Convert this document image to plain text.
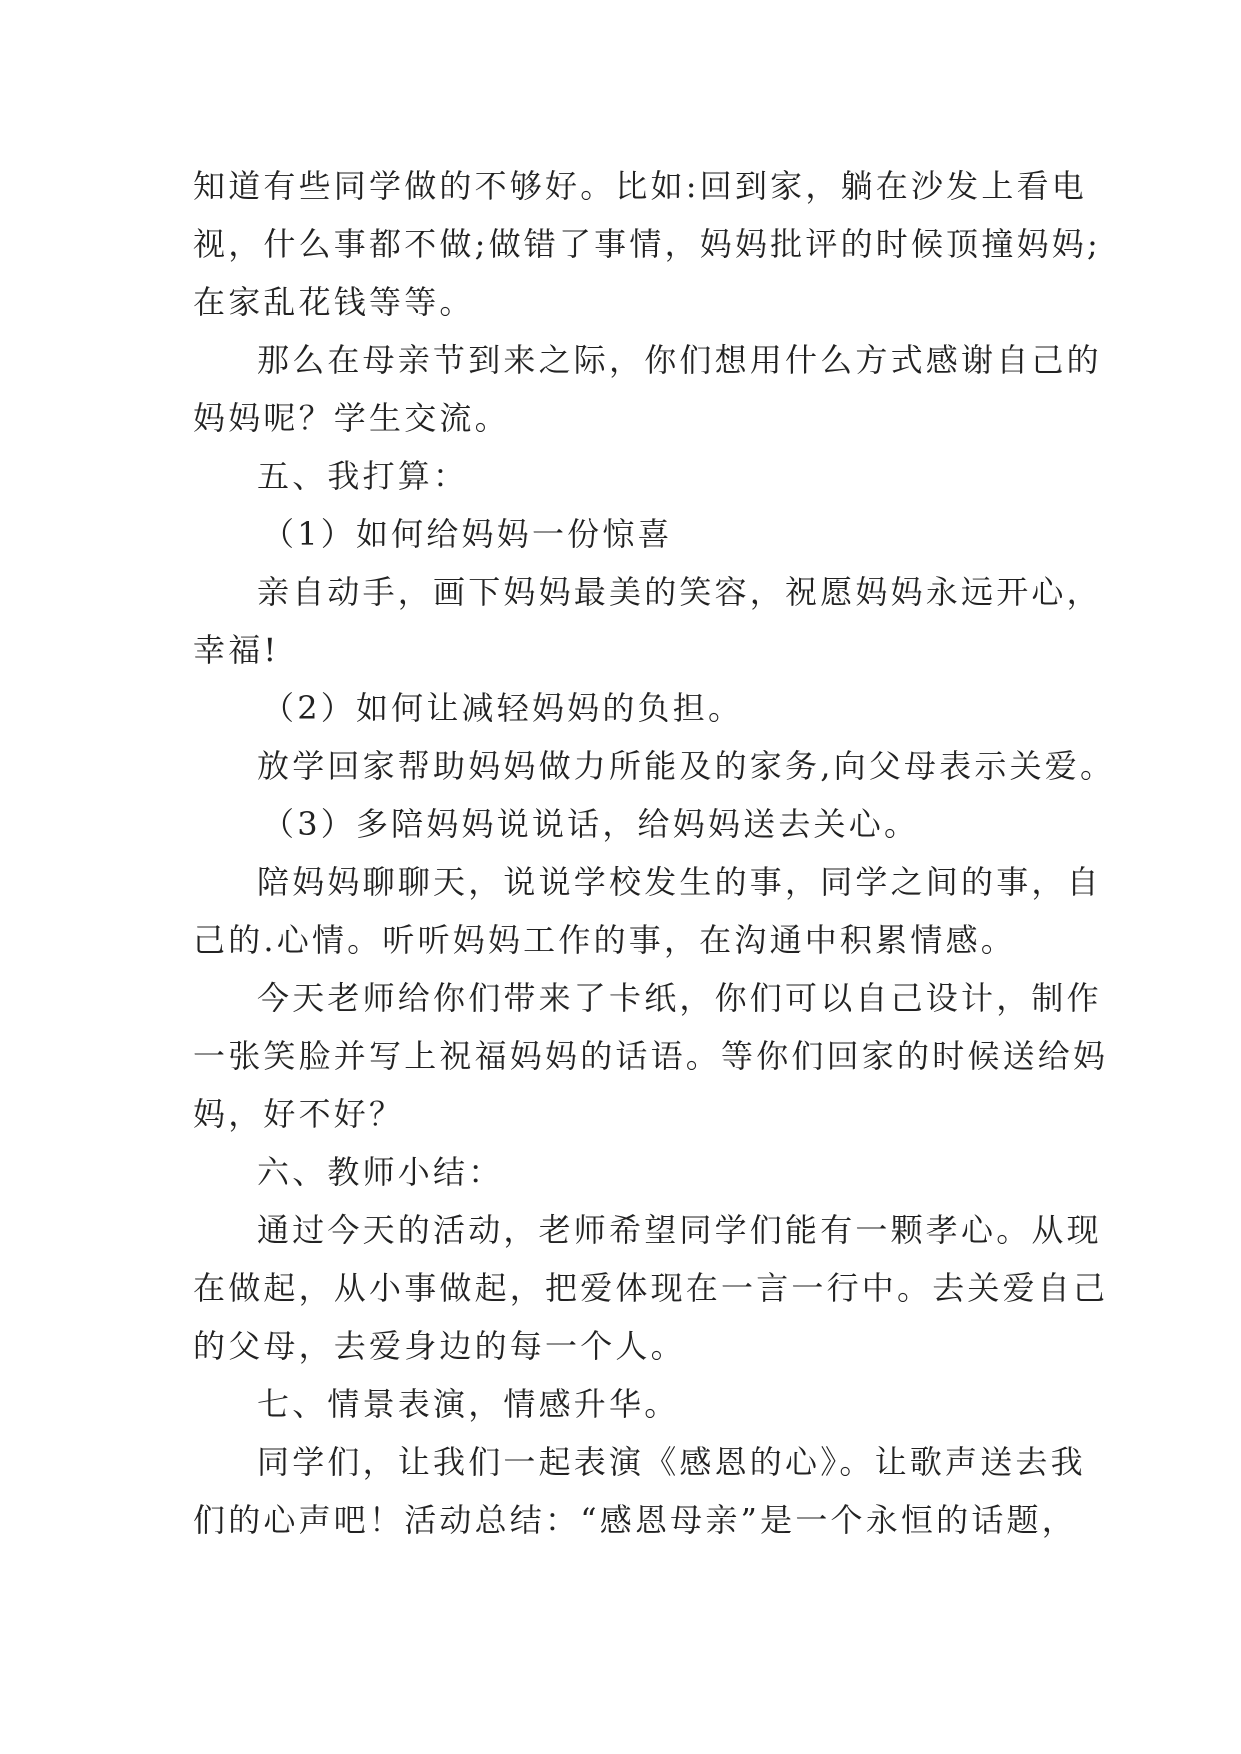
知道有些同学做的不够好。比如:回到家，躺在沙发上看电
视，什么事都不做;做错了事情，妈妈批评的时候顶撞妈妈;
在家乱花钱等等。
那么在母亲节到来之际，你们想用什么方式感谢自己的
妈妈呢？学生交流。
五、我打算：
（1）如何给妈妈一份惊喜
亲自动手，画下妈妈最美的笑容，祝愿妈妈永远开心，
幸福!
（2）如何让减轻妈妈的负担。
放学回家帮助妈妈做力所能及的家务,向父母表示关爱。
（3）多陪妈妈说说话，给妈妈送去关心。
陪妈妈聊聊天，说说学校发生的事，同学之间的事，自
己的.心情。听听妈妈工作的事，在沟通中积累情感。
今天老师给你们带来了卡纸，你们可以自己设计，制作
一张笑脸并写上祝福妈妈的话语。等你们回家的时候送给妈
妈，好不好？
六、教师小结：
通过今天的活动，老师希望同学们能有一颗孝心。从现
在做起，从小事做起，把爱体现在一言一行中。去关爱自己
的父母，去爱身边的每一个人。
七、情景表演，情感升华。
同学们，让我们一起表演《感恩的心》。让歌声送去我
们的心声吧！活动总结：“感恩母亲”是一个永恒的话题，
